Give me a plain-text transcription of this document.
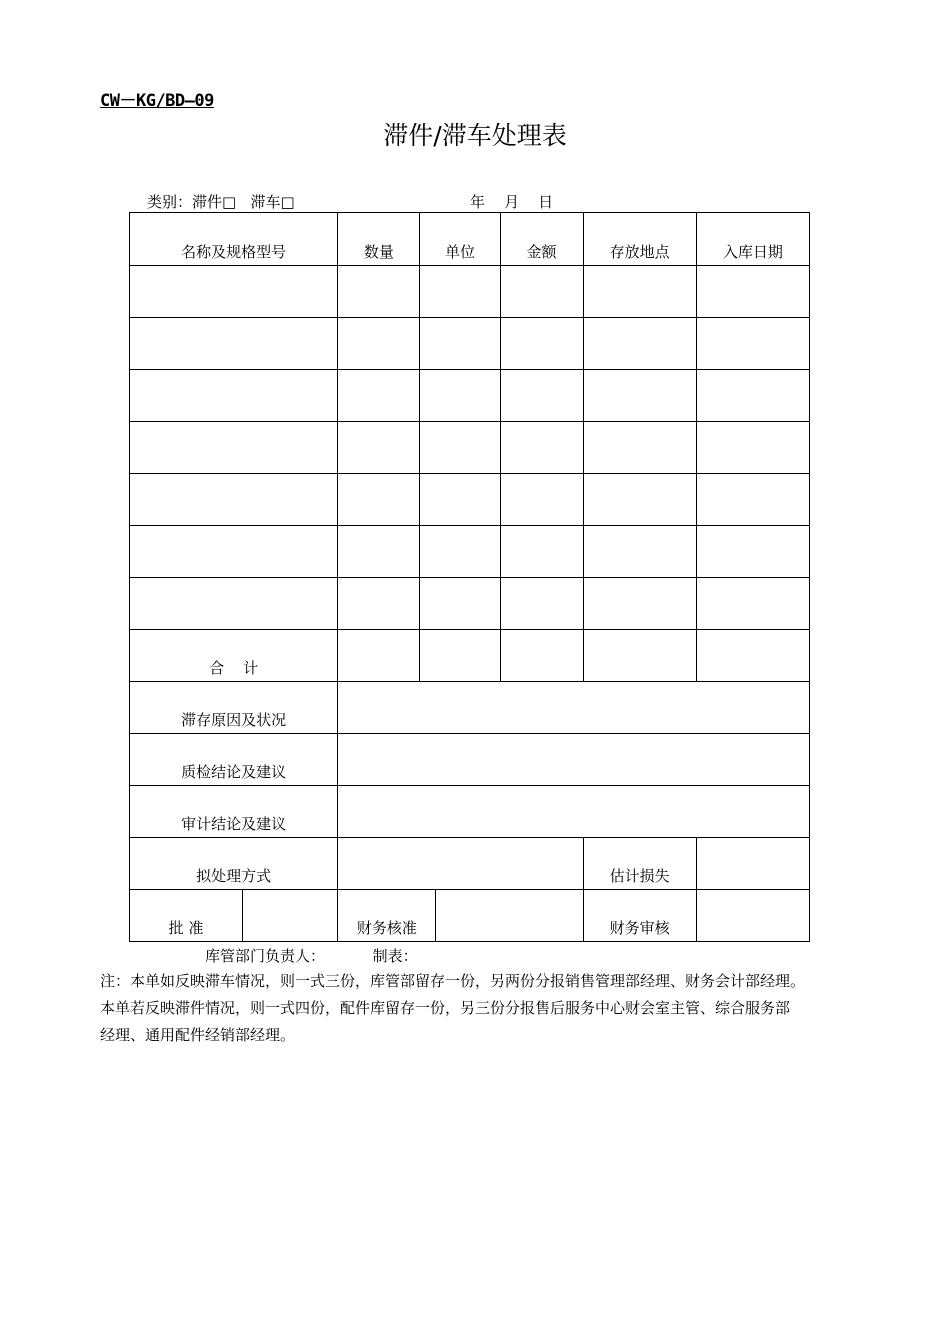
CW－KG/BD—09
滞件/滞车处理表
类别：滞件□   滞车□	年    月    日
名称及规格型号		数量	单位		金额	存放地点	入库日期

合    计							
滞存原因及状况							
质检结论及建议							
审计结论及建议							
拟处理方式						估计损失	
批 准		财务核准				财务审核	
库管部门负责人：          制表：

注：本单如反映滞车情况，则一式三份，库管部留存一份，另两份分报销售管理部经理、财务会计部经理。

本单若反映滞件情况，则一式四份，配件库留存一份，另三份分报售后服务中心财会室主管、综合服务部

经理、通用配件经销部经理。
